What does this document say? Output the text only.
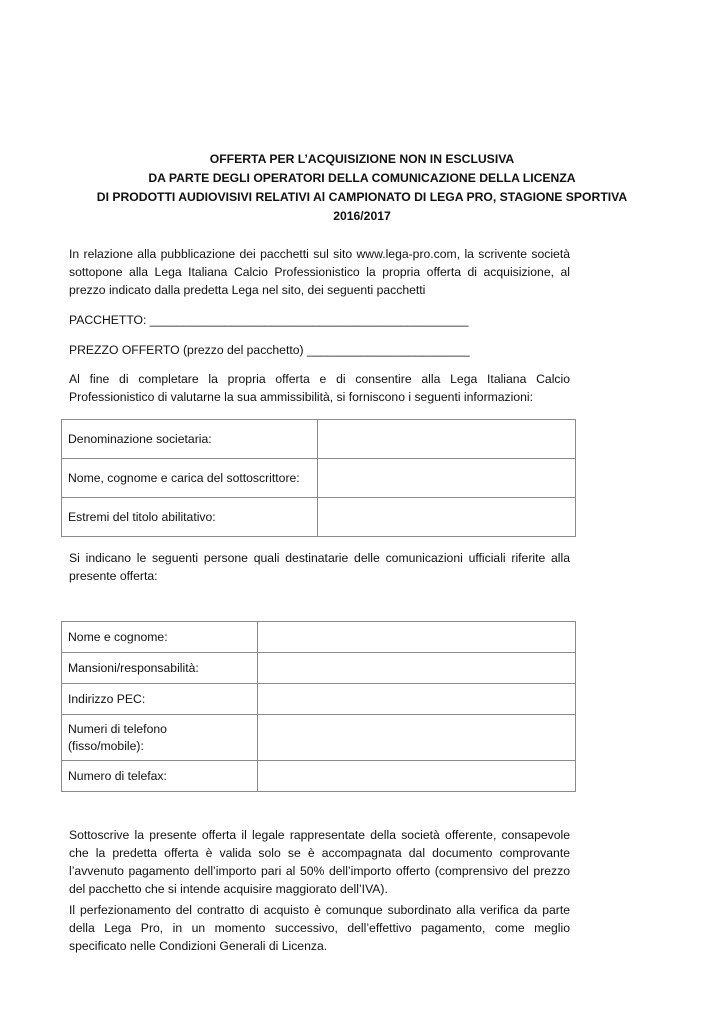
OFFERTA PER L’ACQUISIZIONE NON IN ESCLUSIVA
DA PARTE DEGLI OPERATORI DELLA COMUNICAZIONE DELLA LICENZA
DI PRODOTTI AUDIOVISIVI RELATIVI Al CAMPIONATO DI LEGA PRO, STAGIONE SPORTIVA
2016/2017
In relazione alla pubblicazione dei pacchetti sul sito www.lega-pro.com, la scrivente società sottopone alla Lega Italiana Calcio Professionistico la propria offerta di acquisizione, al prezzo indicato dalla predetta Lega nel sito, dei seguenti pacchetti
PACCHETTO: _______________________________________________
PREZZO OFFERTO (prezzo del pacchetto) ________________________
Al fine di completare la propria offerta e di consentire alla Lega Italiana Calcio Professionistico di valutarne la sua ammissibilità, si forniscono i seguenti informazioni:
Denominazione societaria:	
Nome, cognome e carica del sottoscrittore:	
Estremi del titolo abilitativo:	
Si indicano le seguenti persone quali destinatarie delle comunicazioni ufficiali riferite alla presente offerta:
Nome e cognome:	
Mansioni/responsabilità:	
Indirizzo PEC:	

Numeri di telefono
(fisso/mobile):	

Numero di telefax:	
Sottoscrive la presente offerta il legale rappresentate della società offerente, consapevole che la predetta offerta è valida solo se è accompagnata dal documento comprovante l’avvenuto pagamento dell’importo pari al 50% dell’importo offerto (comprensivo del prezzo del pacchetto che si intende acquisire maggiorato dell’IVA).
Il perfezionamento del contratto di acquisto è comunque subordinato alla verifica da parte della Lega Pro, in un momento successivo, dell’effettivo pagamento, come meglio specificato nelle Condizioni Generali di Licenza.
